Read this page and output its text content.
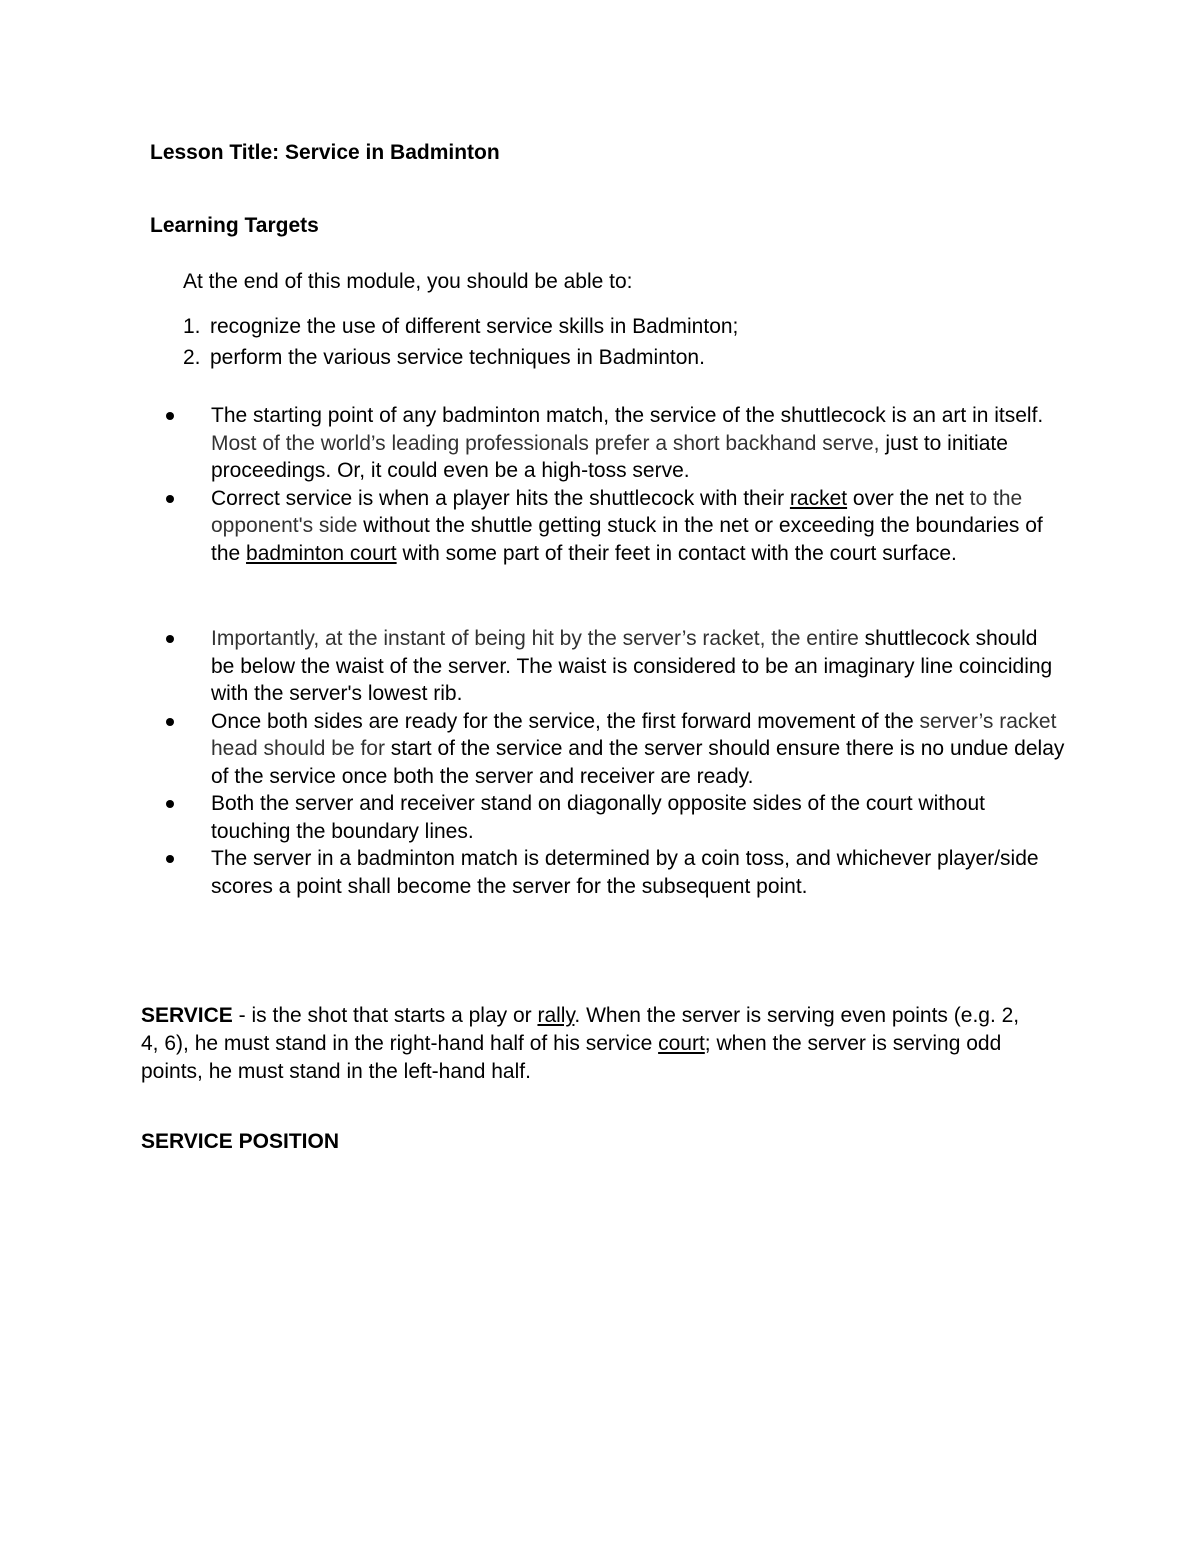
Lesson Title: Service in Badminton
Learning Targets

At the end of this module, you should be able to:

1. recognize the use of different service skills in Badminton;
2. perform the various service techniques in Badminton.
The starting point of any badminton match, the service of the shuttlecock is an art in itself. Most of the world’s leading professionals prefer a short backhand serve, just to initiate proceedings. Or, it could even be a high-toss serve.
Correct service is when a player hits the shuttlecock with their racket over the net to the opponent's side without the shuttle getting stuck in the net or exceeding the boundaries of the badminton court with some part of their feet in contact with the court surface.
Importantly, at the instant of being hit by the server’s racket, the entire shuttlecock should be below the waist of the server. The waist is considered to be an imaginary line coinciding with the server's lowest rib.
Once both sides are ready for the service, the first forward movement of the server’s racket head should be for start of the service and the server should ensure there is no undue delay of the service once both the server and receiver are ready.
Both the server and receiver stand on diagonally opposite sides of the court without touching the boundary lines.
The server in a badminton match is determined by a coin toss, and whichever player/side scores a point shall become the server for the subsequent point.

SERVICE - is the shot that starts a play or rally. When the server is serving even points (e.g. 2, 4, 6), he must stand in the right-hand half of his service court; when the server is serving odd points, he must stand in the left-hand half.

SERVICE POSITION
